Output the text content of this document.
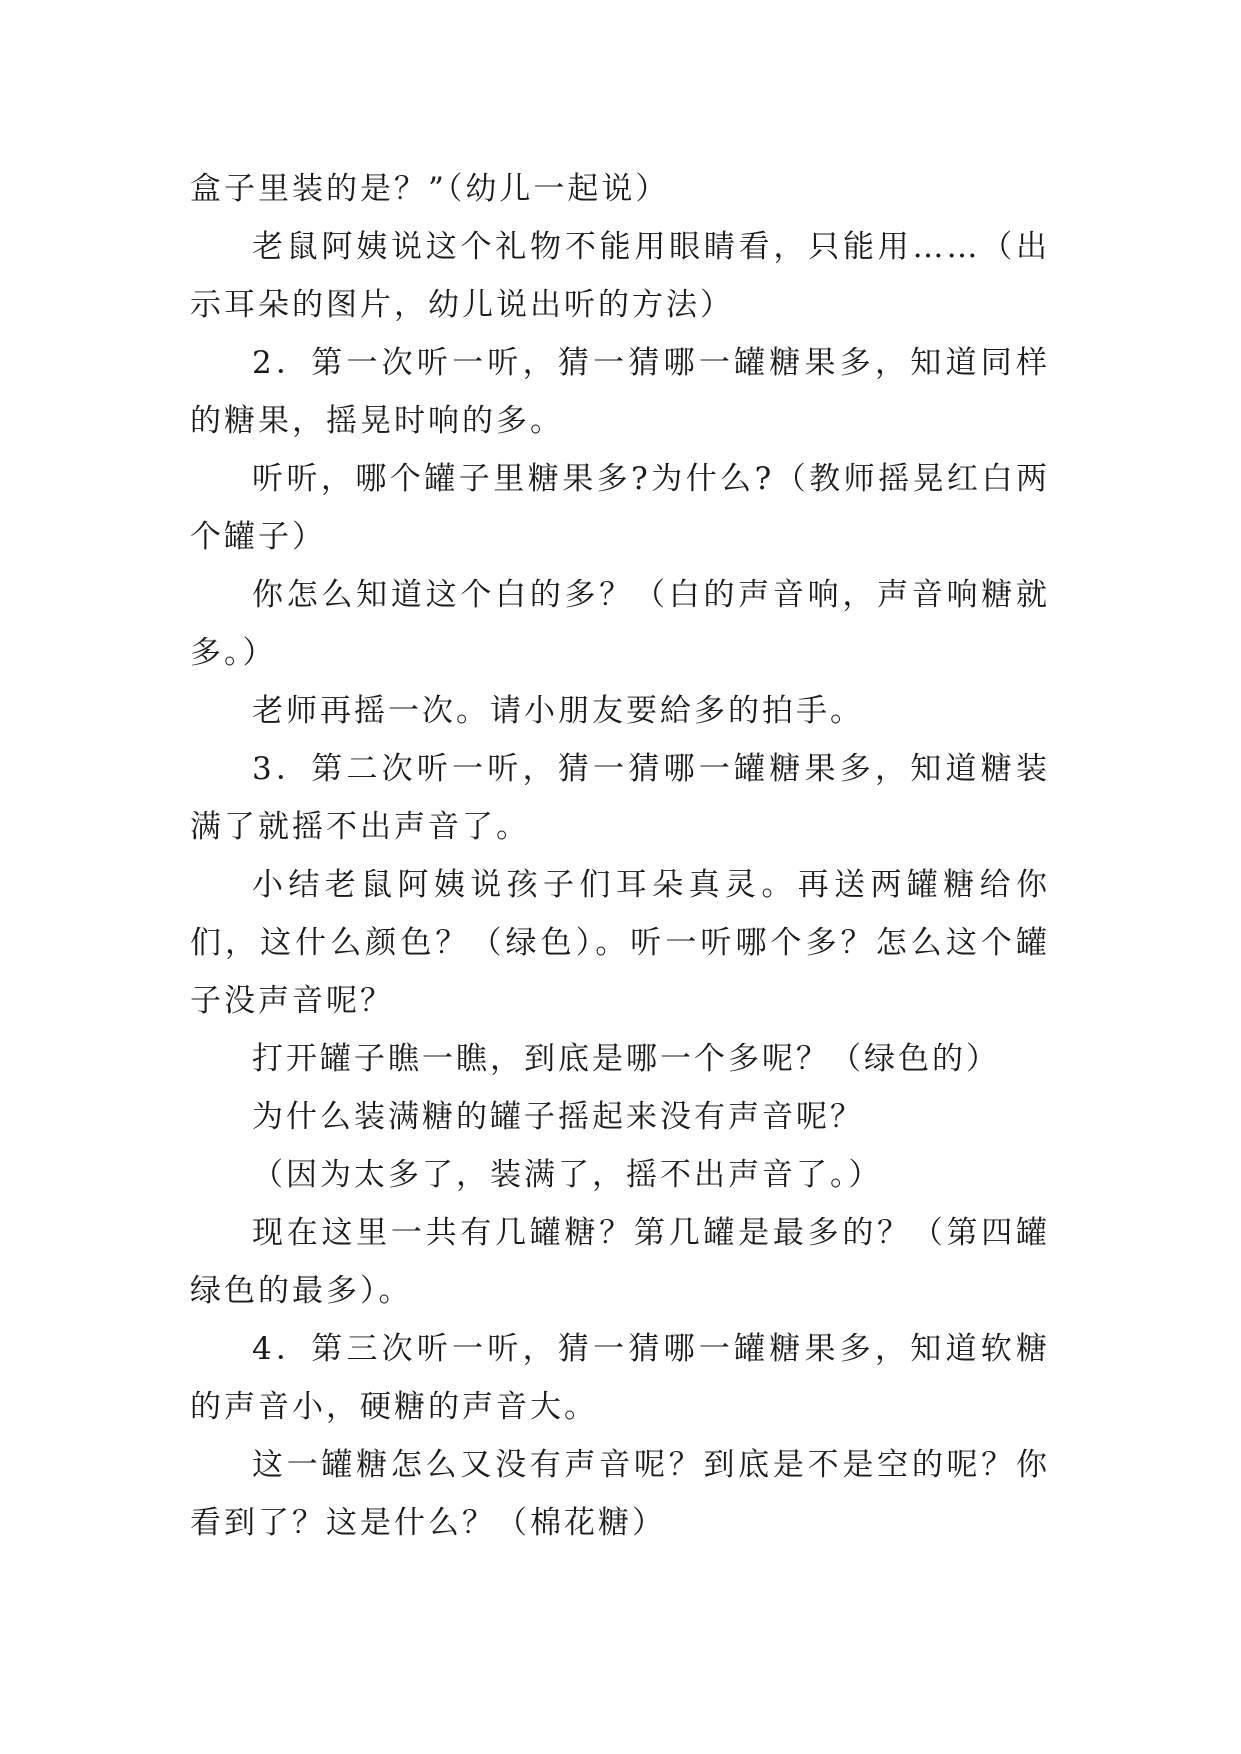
盒子里装的是？”（幼儿一起说）

老鼠阿姨说这个礼物不能用眼睛看，只能用……（出示耳朵的图片，幼儿说出听的方法）

2．第一次听一听，猜一猜哪一罐糖果多，知道同样的糖果，摇晃时响的多。

听听，哪个罐子里糖果多?为什么?（教师摇晃红白两个罐子）

你怎么知道这个白的多？（白的声音响，声音响糖就多。）

老师再摇一次。请小朋友要給多的拍手。

3．第二次听一听，猜一猜哪一罐糖果多，知道糖装满了就摇不出声音了。

小结老鼠阿姨说孩子们耳朵真灵。再送两罐糖给你们，这什么颜色？（绿色）。听一听哪个多？怎么这个罐子没声音呢？

打开罐子瞧一瞧，到底是哪一个多呢？（绿色的）

为什么装满糖的罐子摇起来没有声音呢？

（因为太多了，装满了，摇不出声音了。）

现在这里一共有几罐糖？第几罐是最多的？（第四罐绿色的最多）。

4．第三次听一听，猜一猜哪一罐糖果多，知道软糖的声音小，硬糖的声音大。

这一罐糖怎么又没有声音呢？到底是不是空的呢？你看到了？这是什么？（棉花糖）
